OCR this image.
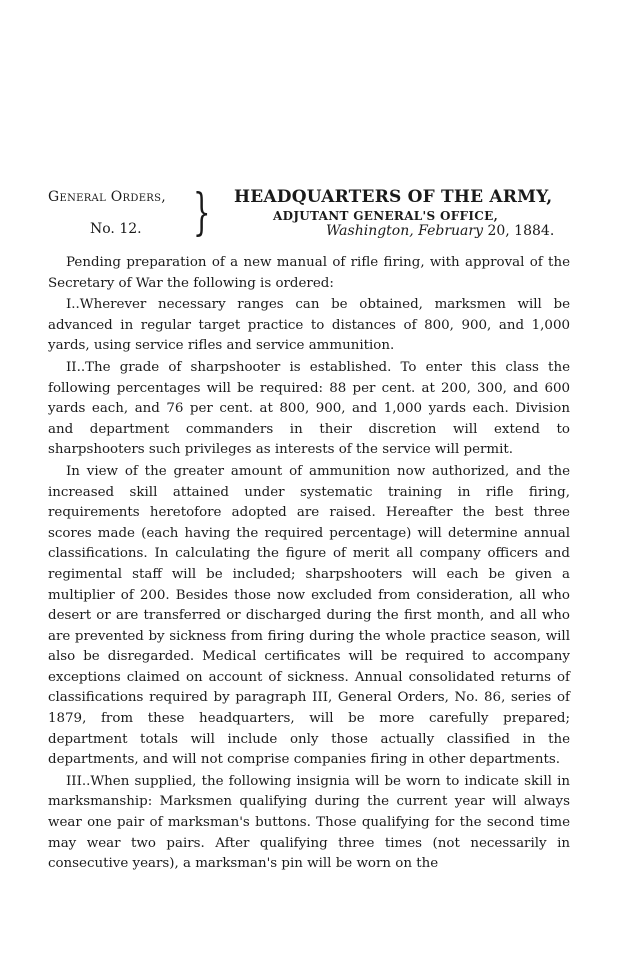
General Orders,
No. 12. } HEADQUARTERS OF THE ARMY,
ADJUTANT GENERAL'S OFFICE,
Washington, February 20, 1884.

Pending preparation of a new manual of rifle firing, with approval of the Secretary of War the following is ordered:

I..Wherever necessary ranges can be obtained, marksmen will be advanced in regular target practice to distances of 800, 900, and 1,000 yards, using service rifles and service ammunition.

II..The grade of sharpshooter is established. To enter this class the following percentages will be required: 88 per cent. at 200, 300, and 600 yards each, and 76 per cent. at 800, 900, and 1,000 yards each. Division and department commanders in their discretion will extend to sharpshooters such privileges as interests of the service will permit.

In view of the greater amount of ammunition now authorized, and the increased skill attained under systematic training in rifle firing, requirements heretofore adopted are raised. Hereafter the best three scores made (each having the required percentage) will determine annual classifications. In calculating the figure of merit all company officers and regimental staff will be included; sharpshooters will each be given a multiplier of 200. Besides those now excluded from consideration, all who desert or are transferred or discharged during the first month, and all who are prevented by sickness from firing during the whole practice season, will also be disregarded. Medical certificates will be required to accompany exceptions claimed on account of sickness. Annual consolidated returns of classifications required by paragraph III, General Orders, No. 86, series of 1879, from these headquarters, will be more carefully prepared; department totals will include only those actually classified in the departments, and will not comprise companies firing in other departments.

III..When supplied, the following insignia will be worn to indicate skill in marksmanship: Marksmen qualifying during the current year will always wear one pair of marksman's buttons. Those qualifying for the second time may wear two pairs. After qualifying three times (not necessarily in consecutive years), a marksman's pin will be worn on the
